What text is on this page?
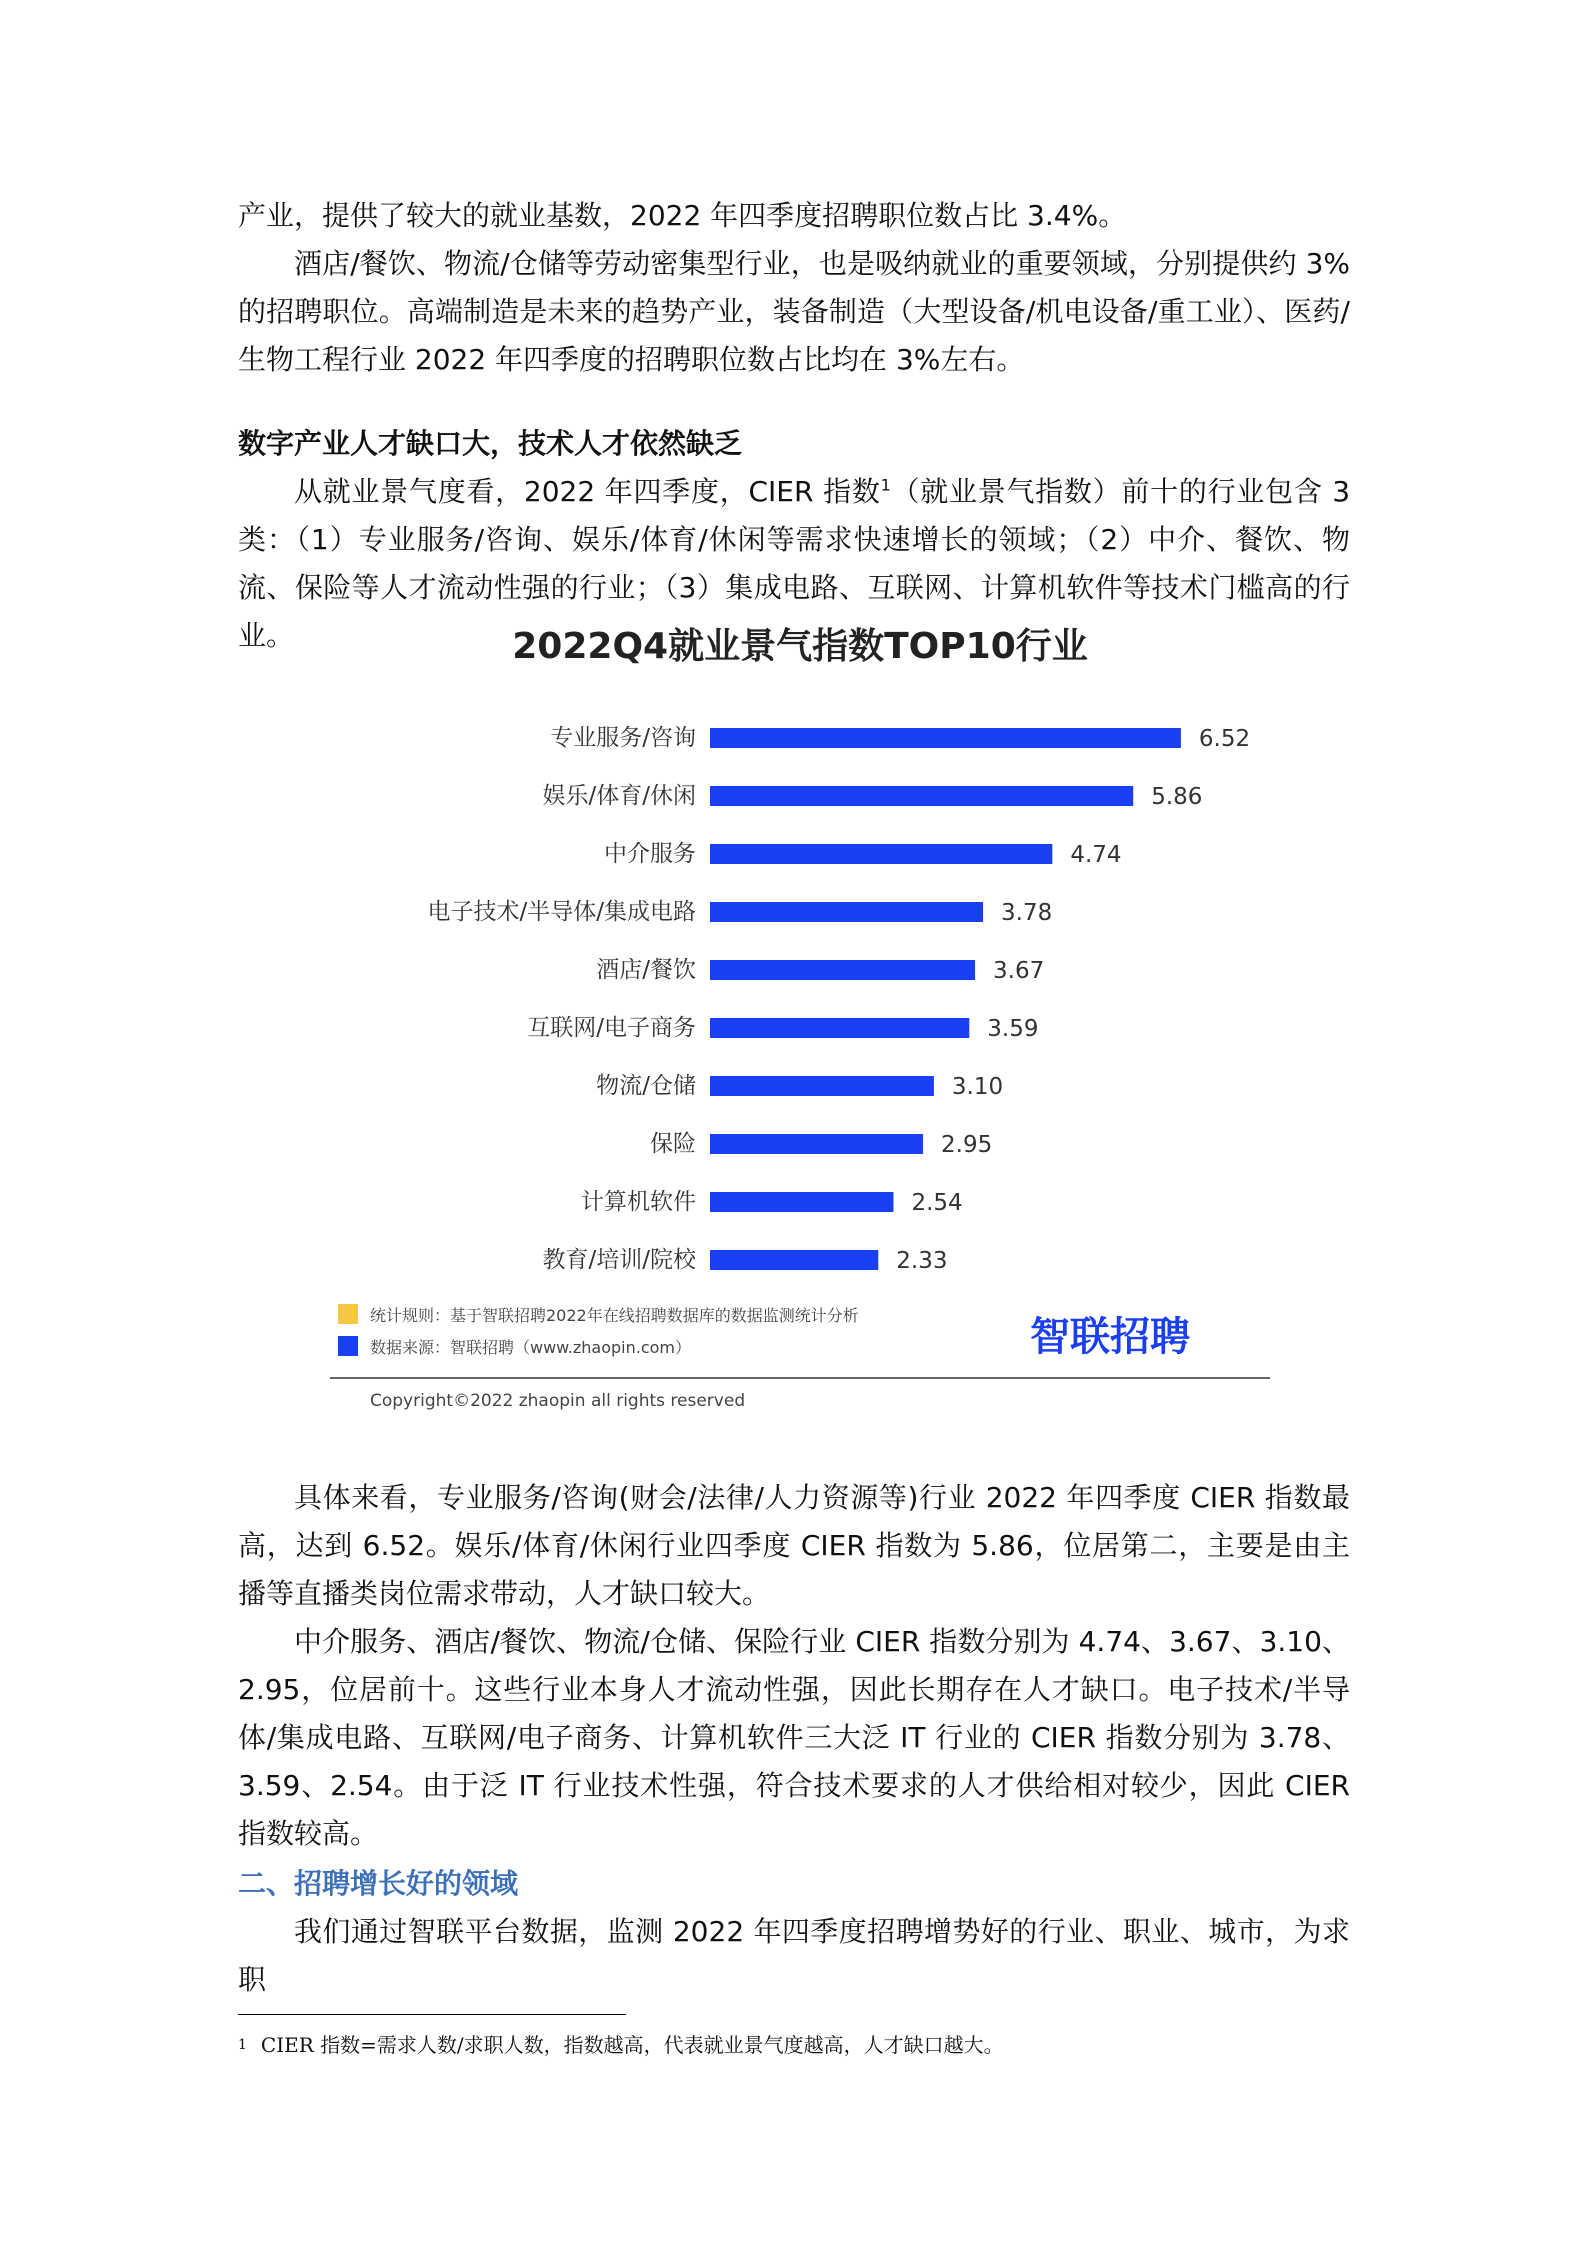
产业，提供了较大的就业基数，2022 年四季度招聘职位数占比 3.4%。

酒店/餐饮、物流/仓储等劳动密集型行业，也是吸纳就业的重要领域，分别提供约 3%的招聘职位。高端制造是未来的趋势产业，装备制造（大型设备/机电设备/重工业）、医药/生物工程行业 2022 年四季度的招聘职位数占比均在 3%左右。

数字产业人才缺口大，技术人才依然缺乏

从就业景气度看，2022 年四季度，CIER 指数$^1$（就业景气指数）前十的行业包含 3 类：（1）专业服务/咨询、娱乐/体育/休闲等需求快速增长的领域；（2）中介、餐饮、物流、保险等人才流动性强的行业；（3）集成电路、互联网、计算机软件等技术门槛高的行业。	2022Q4就业景气指数TOP10行业
专业服务/咨询	6.52
娱乐/体育/休闲	5.86
中介服务	4.74
电子技术/半导体/集成电路	3.78
酒店/餐饮	3.67
互联网/电子商务	3.59
物流/仓储	3.10
保险	2.95
计算机软件	2.54
教育/培训/院校	2.33
统计规则：基于智联招聘2022年在线招聘数据库的数据监测统计分析
数据来源：智联招聘（www.zhaopin.com）	智联招聘
Copyright©2022 zhaopin all rights reserved

具体来看，专业服务/咨询(财会/法律/人力资源等)行业 2022 年四季度 CIER 指数最高，达到 6.52。娱乐/体育/休闲行业四季度 CIER 指数为 5.86，位居第二，主要是由主播等直播类岗位需求带动，人才缺口较大。

中介服务、酒店/餐饮、物流/仓储、保险行业 CIER 指数分别为 4.74、3.67、3.10、2.95，位居前十。这些行业本身人才流动性强，因此长期存在人才缺口。电子技术/半导体/集成电路、互联网/电子商务、计算机软件三大泛 IT 行业的 CIER 指数分别为 3.78、3.59、2.54。由于泛 IT 行业技术性强，符合技术要求的人才供给相对较少，因此 CIER 指数较高。

二、招聘增长好的领域

我们通过智联平台数据，监测 2022 年四季度招聘增势好的行业、职业、城市，为求职

$^1$ CIER 指数=需求人数/求职人数，指数越高，代表就业景气度越高，人才缺口越大。
